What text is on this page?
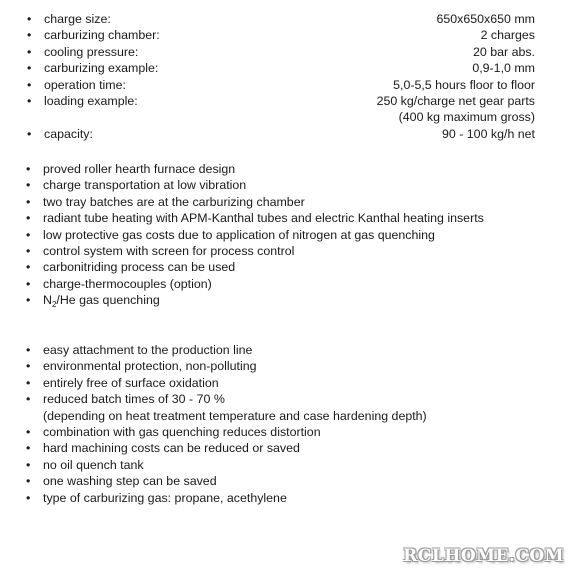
• charge size:	650x650x650 mm
• carburizing chamber:	2 charges
• cooling pressure:	20 bar abs.
• carburizing example:	0,9-1,0 mm
• operation time:	5,0-5,5 hours floor to floor
• loading example:	250 kg/charge net gear parts
(400 kg maximum gross)
• capacity:	90 - 100 kg/h net
• proved roller hearth furnace design
• charge transportation at low vibration
• two tray batches are at the carburizing chamber
• radiant tube heating with APM-Kanthal tubes and electric Kanthal heating inserts
• low protective gas costs due to application of nitrogen at gas quenching
• control system with screen for process control
• carbonitriding process can be used
• charge-thermocouples (option)
• $N_2/He$ gas quenching
• easy attachment to the production line
• environmental protection, non-polluting
• entirely free of surface oxidation
• reduced batch times of 30 - 70 %
(depending on heat treatment temperature and case hardening depth)
• combination with gas quenching reduces distortion
• hard machining costs can be reduced or saved
• no oil quench tank
• one washing step can be saved
• type of carburizing gas: propane, acethylene
RCLHOME.COM
